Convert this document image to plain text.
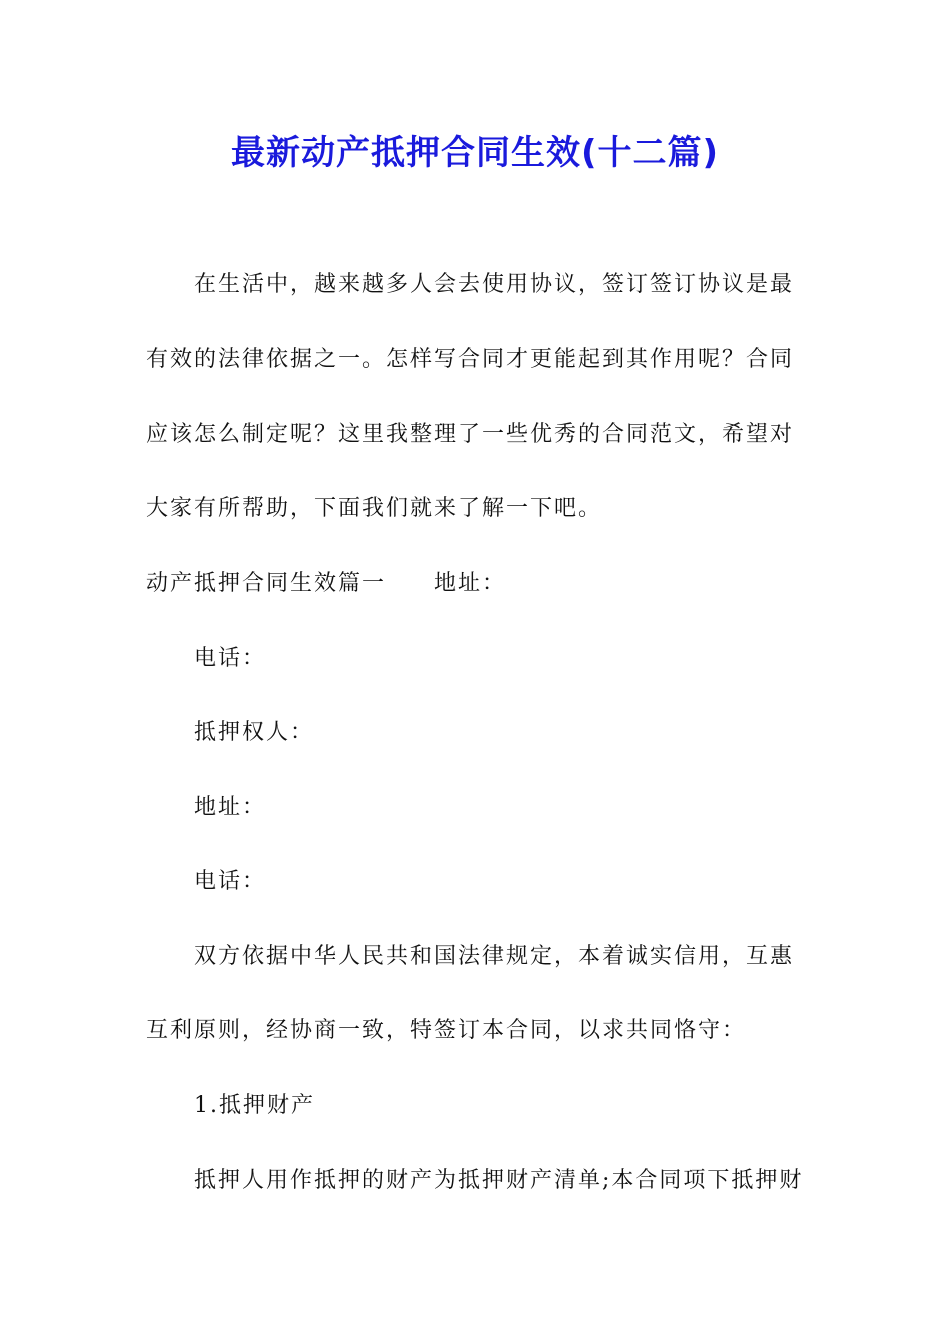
最新动产抵押合同生效(十二篇)

在生活中，越来越多人会去使用协议，签订签订协议是最

有效的法律依据之一。怎样写合同才更能起到其作用呢？合同

应该怎么制定呢？这里我整理了一些优秀的合同范文，希望对

大家有所帮助，下面我们就来了解一下吧。

动产抵押合同生效篇一　　地址：

电话：

抵押权人：

地址：

电话：

双方依据中华人民共和国法律规定，本着诚实信用，互惠

互利原则，经协商一致，特签订本合同，以求共同恪守：

1.抵押财产

抵押人用作抵押的财产为抵押财产清单;本合同项下抵押财
